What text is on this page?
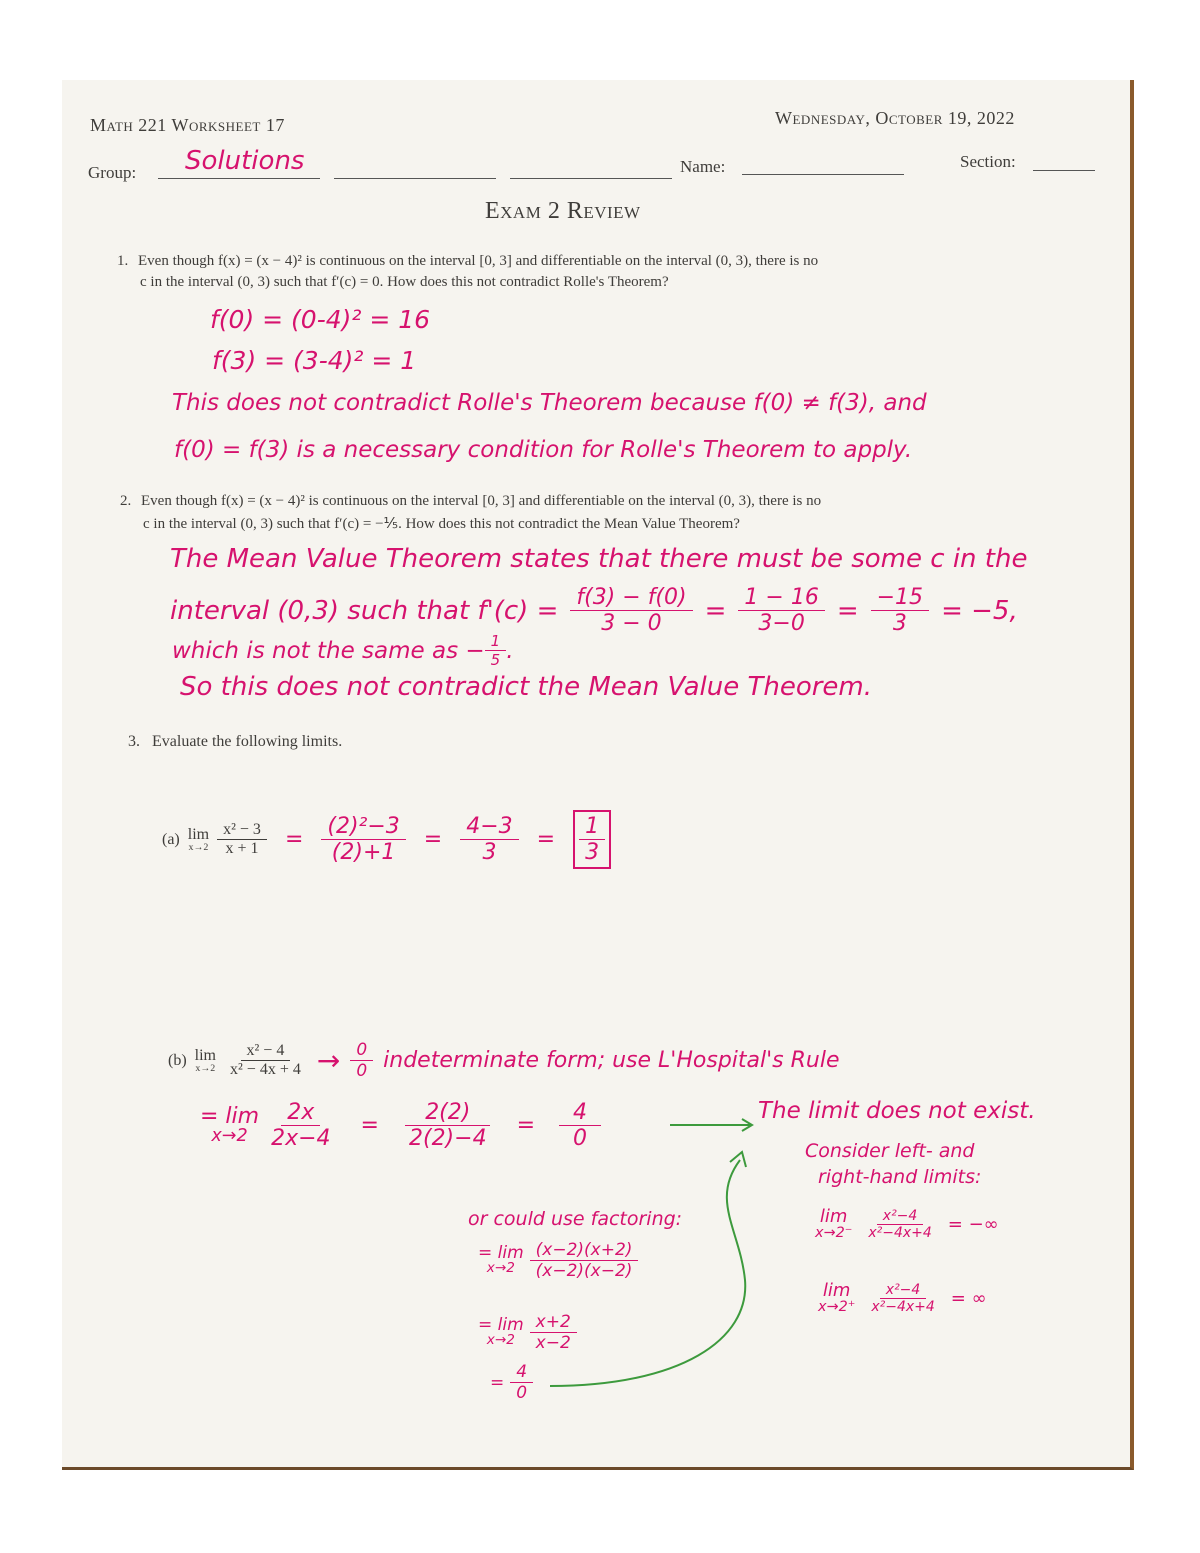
Math 221 Worksheet 17	Wednesday, October 19, 2022
Group: Solutions	Name:	Section:
Exam 2 Review
1. Even though f(x) = (x − 4)² is continuous on the interval [0, 3] and differentiable on the interval (0, 3), there is no
c in the interval (0, 3) such that f′(c) = 0. How does this not contradict Rolle's Theorem?
f(0) = (0-4)² = 16
f(3) = (3-4)² = 1
This does not contradict Rolle's Theorem because f(0) ≠ f(3), and
f(0) = f(3) is a necessary condition for Rolle's Theorem to apply.
2. Even though f(x) = (x − 4)² is continuous on the interval [0, 3] and differentiable on the interval (0, 3), there is no
c in the interval (0, 3) such that f′(c) = −⅕. How does this not contradict the Mean Value Theorem?
The Mean Value Theorem states that there must be some c in the
interval (0,3) such that $f'(c) = \frac{f(3) - f(0)}{3 - 0} = \frac{1 - 16}{3-0} = \frac{-15}{3} = -5$,
which is not the same as − $\frac{1}{5}$ .
So this does not contradict the Mean Value Theorem.
3. Evaluate the following limits.
(a) lim
$x\to 2 \frac{\text{x² − 3}}{x + 1} = \frac{\text{(2)²−3}}{(2)+1} = \frac{4-3}{3} = \frac{1}{3}$
(b) lim
$x\to 2 \frac{\text{x² − 4}}{\text{x² − 4x + 4}} \to \frac{0}{0}$ indeterminate form; use L'Hospital's Rule
= lim
$x\to 2 \frac{2x}{2x-4} = \frac{2(2)}{2(2)-4} = \frac{4}{0}$	The limit does not exist.
Consider left- and
right-hand limits:
lim
$x\to 2^- \frac{\text{x²−4}}{\text{x²−4x+4}}$ = −∞
lim
$x\to 2^+ \frac{\text{x²−4}}{\text{x²−4x+4}}$ = ∞
or could use factoring:
= lim
$x\to 2 \frac{(x-2)(x+2)}{(x-2)(x-2)}$
= lim
$x\to 2 \frac{x+2}{x-2}$
= $\frac{4}{0}$
